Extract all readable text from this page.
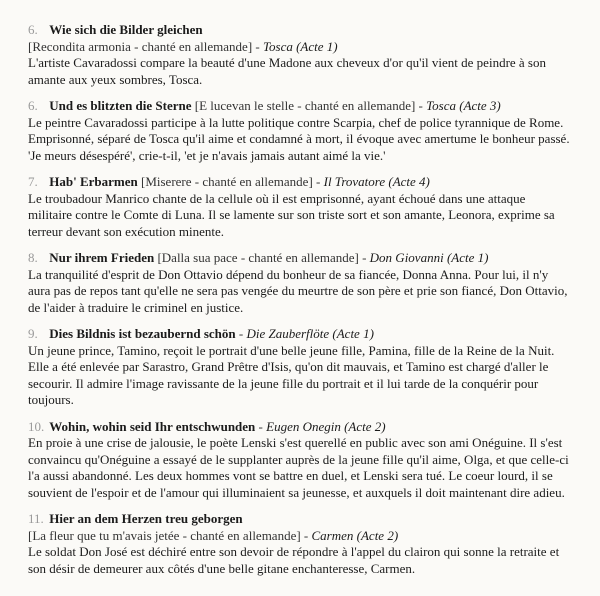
6. Wie sich die Bilder gleichen
[Recondita armonia - chanté en allemande] - Tosca (Acte 1)
L'artiste Cavaradossi compare la beauté d'une Madone aux cheveux d'or qu'il vient de peindre à son amante aux yeux sombres, Tosca.
6. Und es blitzten die Sterne [E lucevan le stelle - chanté en allemande] - Tosca (Acte 3)
Le peintre Cavaradossi participe à la lutte politique contre Scarpia, chef de police tyrannique de Rome. Emprisonné, séparé de Tosca qu'il aime et condamné à mort, il évoque avec amertume le bonheur passé. 'Je meurs désespéré', crie-t-il, 'et je n'avais jamais autant aimé la vie.'
7. Hab' Erbarmen [Miserere - chanté en allemande] - Il Trovatore (Acte 4)
Le troubadour Manrico chante de la cellule où il est emprisonné, ayant échoué dans une attaque militaire contre le Comte di Luna. Il se lamente sur son triste sort et son amante, Leonora, exprime sa terreur devant son exécution minente.
8. Nur ihrem Frieden [Dalla sua pace - chanté en allemande] - Don Giovanni (Acte 1)
La tranquilité d'esprit de Don Ottavio dépend du bonheur de sa fiancée, Donna Anna. Pour lui, il n'y aura pas de repos tant qu'elle ne sera pas vengée du meurtre de son père et prie son fiancé, Don Ottavio, de l'aider à traduire le criminel en justice.
9. Dies Bildnis ist bezaubernd schön - Die Zauberflöte (Acte 1)
Un jeune prince, Tamino, reçoit le portrait d'une belle jeune fille, Pamina, fille de la Reine de la Nuit. Elle a été enlevée par Sarastro, Grand Prêtre d'Isis, qu'on dit mauvais, et Tamino est chargé d'aller le secourir. Il admire l'image ravissante de la jeune fille du portrait et il lui tarde de la conquérir pour toujours.
10. Wohin, wohin seid Ihr entschwunden - Eugen Onegin (Acte 2)
En proie à une crise de jalousie, le poète Lenski s'est querellé en public avec son ami Onéguine. Il s'est convaincu qu'Onéguine a essayé de le supplanter auprès de la jeune fille qu'il aime, Olga, et que celle-ci l'a aussi abandonné. Les deux hommes vont se battre en duel, et Lenski sera tué. Le coeur lourd, il se souvient de l'espoir et de l'amour qui illuminaient sa jeunesse, et auxquels il doit maintenant dire adieu.
11. Hier an dem Herzen treu geborgen
[La fleur que tu m'avais jetée - chanté en allemande] - Carmen (Acte 2)
Le soldat Don José est déchiré entre son devoir de répondre à l'appel du clairon qui sonne la retraite et son désir de demeurer aux côtés d'une belle gitane enchanteresse, Carmen.
